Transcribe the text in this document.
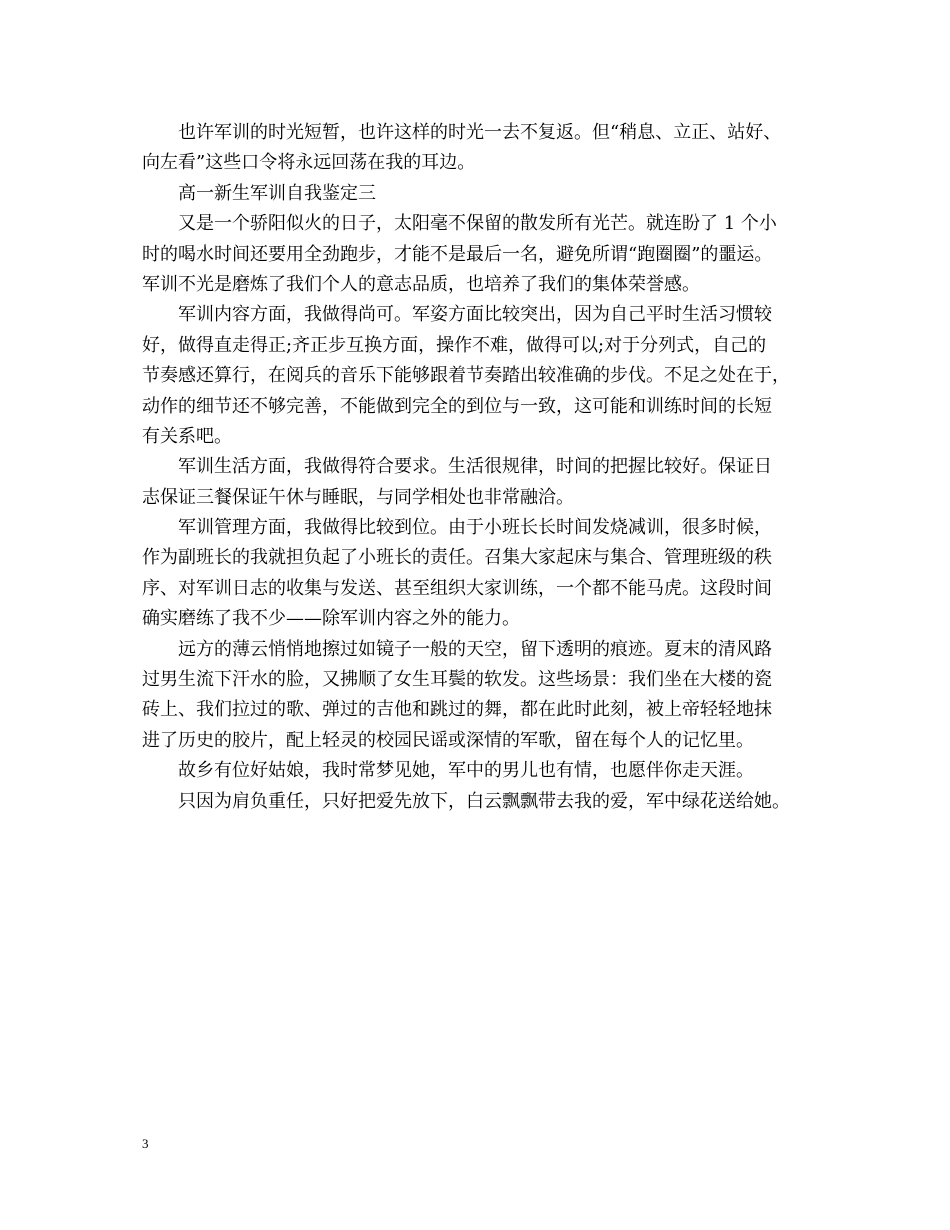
也许军训的时光短暂，也许这样的时光一去不复返。但“稍息、立正、站好、
向左看”这些口令将永远回荡在我的耳边。
高一新生军训自我鉴定三
又是一个骄阳似火的日子，太阳毫不保留的散发所有光芒。就连盼了 1 个小
时的喝水时间还要用全劲跑步，才能不是最后一名，避免所谓“跑圈圈”的噩运。
军训不光是磨炼了我们个人的意志品质，也培养了我们的集体荣誉感。
军训内容方面，我做得尚可。军姿方面比较突出，因为自己平时生活习惯较
好，做得直走得正;齐正步互换方面，操作不难，做得可以;对于分列式，自己的
节奏感还算行，在阅兵的音乐下能够跟着节奏踏出较准确的步伐。不足之处在于，
动作的细节还不够完善，不能做到完全的到位与一致，这可能和训练时间的长短
有关系吧。
军训生活方面，我做得符合要求。生活很规律，时间的把握比较好。保证日
志保证三餐保证午休与睡眠，与同学相处也非常融洽。
军训管理方面，我做得比较到位。由于小班长长时间发烧减训，很多时候，
作为副班长的我就担负起了小班长的责任。召集大家起床与集合、管理班级的秩
序、对军训日志的收集与发送、甚至组织大家训练，一个都不能马虎。这段时间
确实磨练了我不少——除军训内容之外的能力。
远方的薄云悄悄地擦过如镜子一般的天空，留下透明的痕迹。夏末的清风路
过男生流下汗水的脸，又拂顺了女生耳鬓的软发。这些场景：我们坐在大楼的瓷
砖上、我们拉过的歌、弹过的吉他和跳过的舞，都在此时此刻，被上帝轻轻地抹
进了历史的胶片，配上轻灵的校园民谣或深情的军歌，留在每个人的记忆里。
故乡有位好姑娘，我时常梦见她，军中的男儿也有情，也愿伴你走天涯。
只因为肩负重任，只好把爱先放下，白云飘飘带去我的爱，军中绿花送给她。
3
